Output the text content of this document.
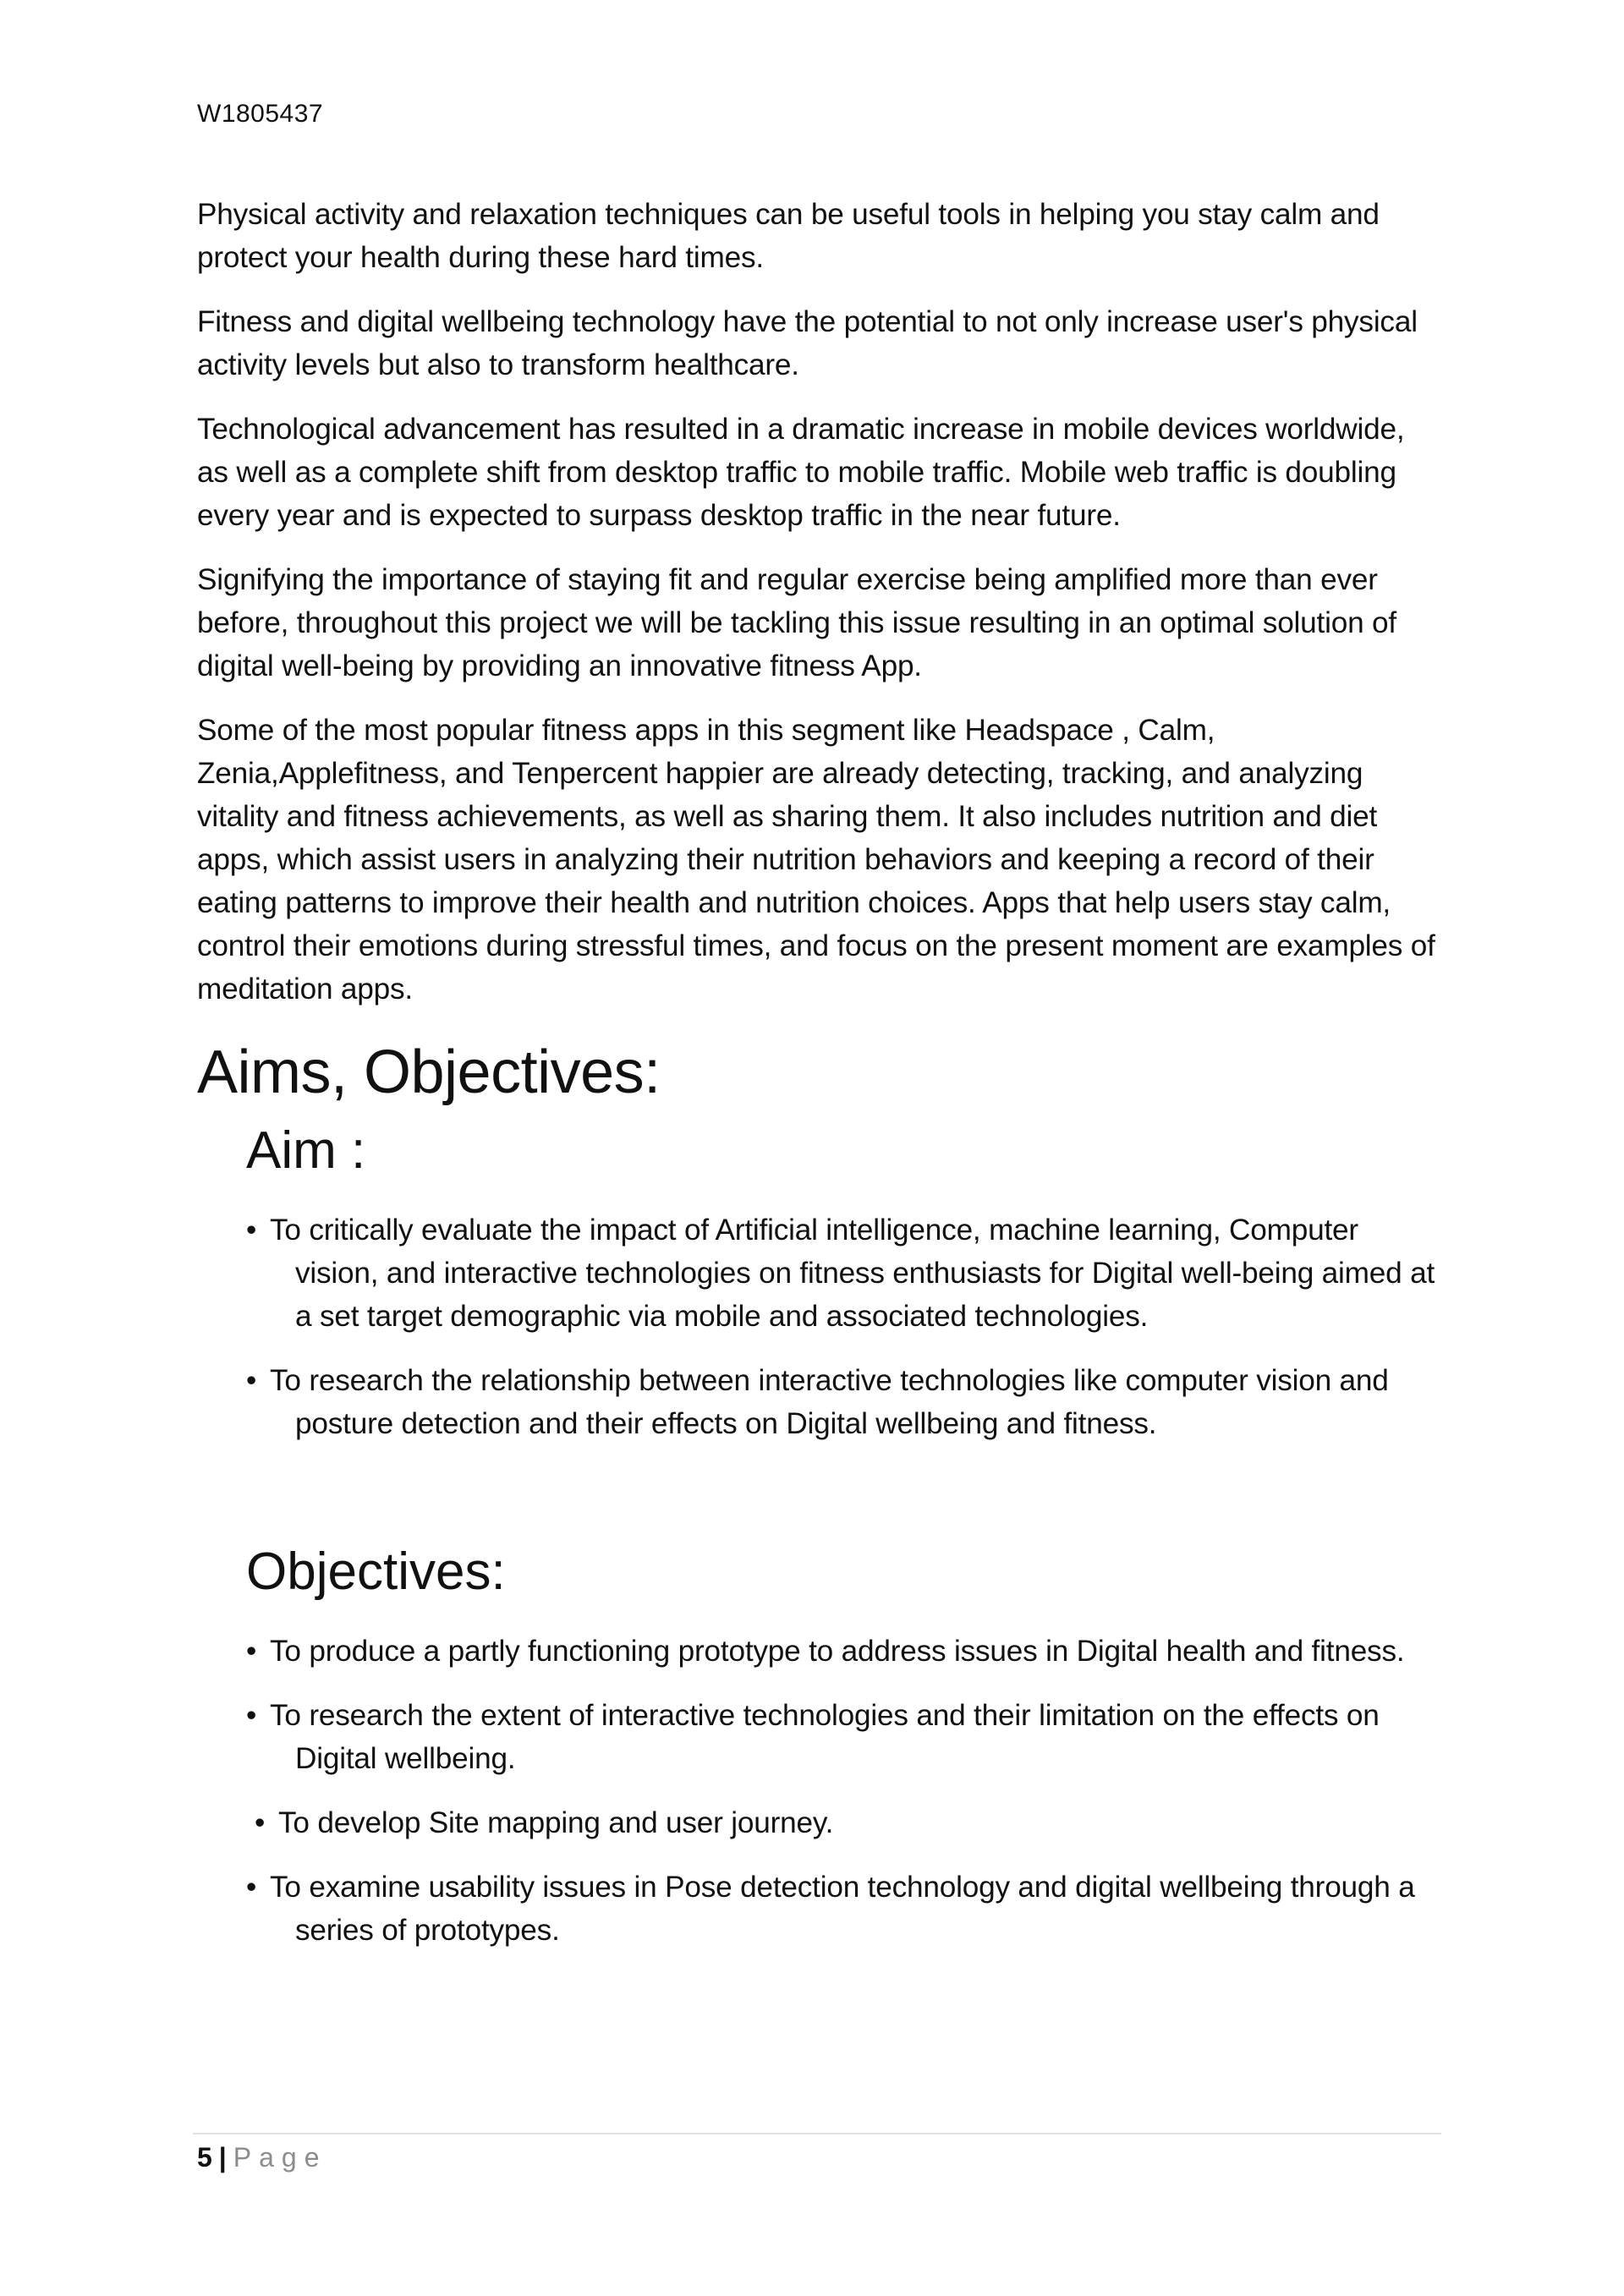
W1805437

Physical activity and relaxation techniques can be useful tools in helping you stay calm and protect your health during these hard times.

Fitness and digital wellbeing technology have the potential to not only increase user's physical activity levels but also to transform healthcare.

Technological advancement has resulted in a dramatic increase in mobile devices worldwide, as well as a complete shift from desktop traffic to mobile traffic. Mobile web traffic is doubling every year and is expected to surpass desktop traffic in the near future.

Signifying the importance of staying fit and regular exercise being amplified more than ever before, throughout this project we will be tackling this issue resulting in an optimal solution of digital well-being by providing an innovative fitness App.

Some of the most popular fitness apps in this segment like Headspace , Calm, Zenia,Applefitness, and Tenpercent happier are already detecting, tracking, and analyzing vitality and fitness achievements, as well as sharing them. It also includes nutrition and diet apps, which assist users in analyzing their nutrition behaviors and keeping a record of their eating patterns to improve their health and nutrition choices. Apps that help users stay calm, control their emotions during stressful times, and focus on the present moment are examples of meditation apps.

Aims, Objectives:
Aim :
• To critically evaluate the impact of Artificial intelligence, machine learning, Computer vision, and interactive technologies on fitness enthusiasts for Digital well-being aimed at a set target demographic via mobile and associated technologies.
• To research the relationship between interactive technologies like computer vision and posture detection and their effects on Digital wellbeing and fitness.
Objectives:
• To produce a partly functioning prototype to address issues in Digital health and fitness.
• To research the extent of interactive technologies and their limitation on the effects on Digital wellbeing.
• To develop Site mapping and user journey.
• To examine usability issues in Pose detection technology and digital wellbeing through a series of prototypes.
5 | Page
